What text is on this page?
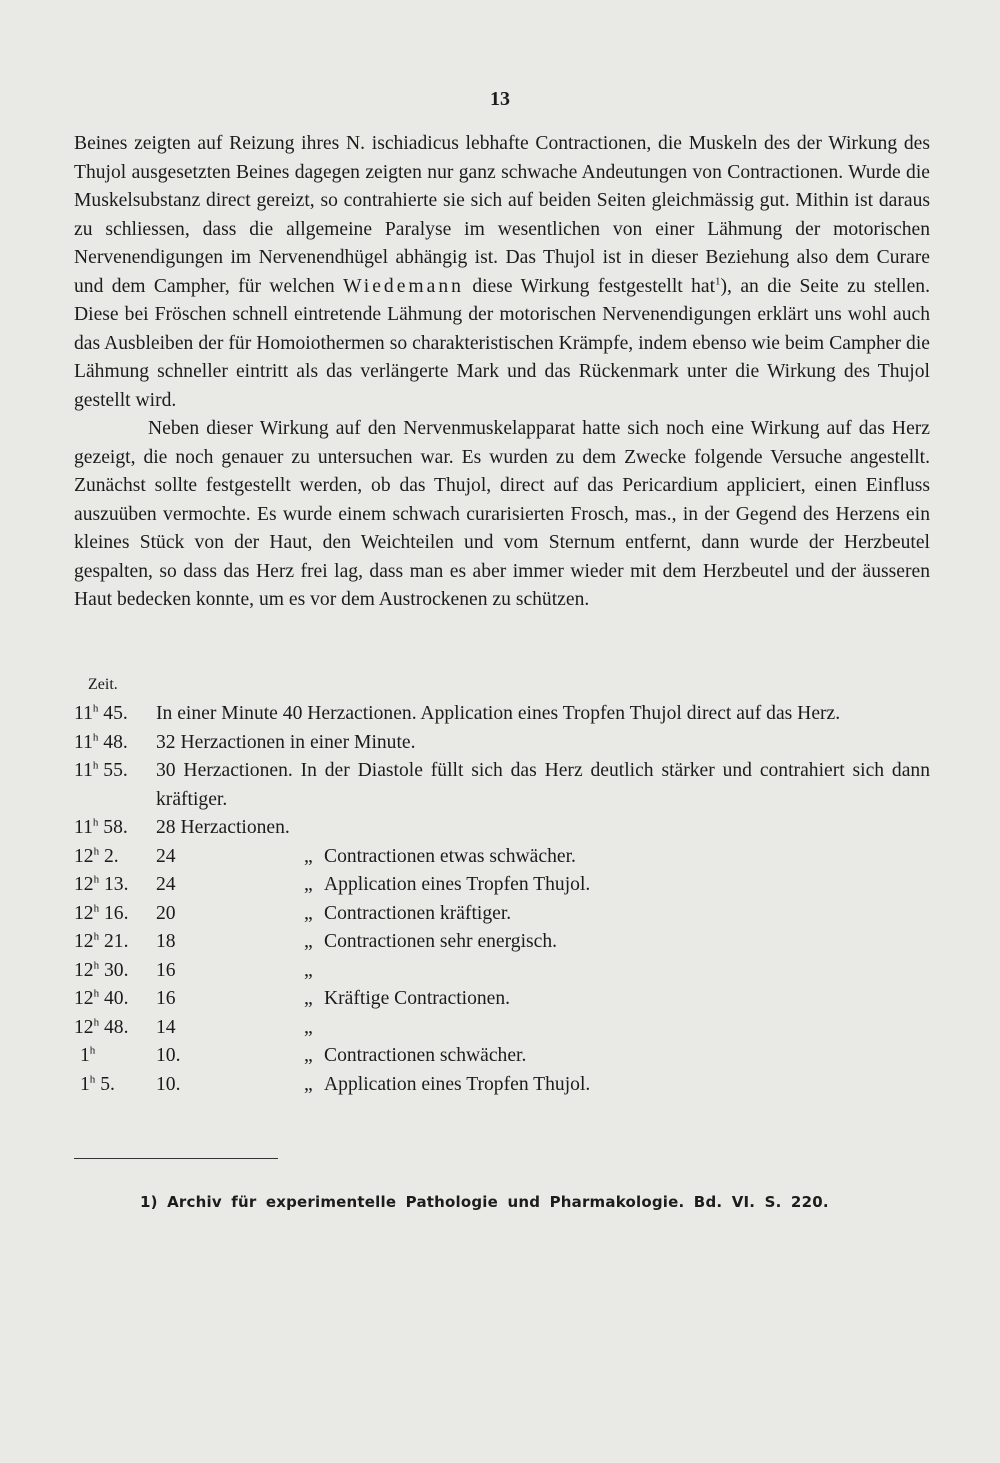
13

Beines zeigten auf Reizung ihres N. ischiadicus lebhafte Contractionen, die Muskeln des der Wirkung des Thujol ausgesetzten Beines dagegen zeigten nur ganz schwache Andeutungen von Contractionen. Wurde die Muskelsubstanz direct gereizt, so contrahierte sie sich auf beiden Seiten gleichmässig gut. Mithin ist daraus zu schliessen, dass die allgemeine Paralyse im wesentlichen von einer Lähmung der motorischen Nervenendigungen im Nervenendhügel abhängig ist. Das Thujol ist in dieser Beziehung also dem Curare und dem Campher, für welchen Wiedemann diese Wirkung festgestellt hat$^1$), an die Seite zu stellen. Diese bei Fröschen schnell eintretende Lähmung der motorischen Nervenendigungen erklärt uns wohl auch das Ausbleiben der für Homoiothermen so charakteristischen Krämpfe, indem ebenso wie beim Campher die Lähmung schneller eintritt als das verlängerte Mark und das Rückenmark unter die Wirkung des Thujol gestellt wird.

Neben dieser Wirkung auf den Nervenmuskelapparat hatte sich noch eine Wirkung auf das Herz gezeigt, die noch genauer zu untersuchen war. Es wurden zu dem Zwecke folgende Versuche angestellt. Zunächst sollte festgestellt werden, ob das Thujol, direct auf das Pericardium appliciert, einen Einfluss auszuüben vermochte. Es wurde einem schwach curarisierten Frosch, mas., in der Gegend des Herzens ein kleines Stück von der Haut, den Weichteilen und vom Sternum entfernt, dann wurde der Herzbeutel gespalten, so dass das Herz frei lag, dass man es aber immer wieder mit dem Herzbeutel und der äusseren Haut bedecken konnte, um es vor dem Austrockenen zu schützen.

Zeit.
11$^h$ 45.	In einer Minute 40 Herzactionen. Application eines Tropfen Thujol direct auf das Herz.
11$^h$ 48.	32 Herzactionen in einer Minute.
11$^h$ 55.	30 Herzactionen. In der Diastole füllt sich das Herz deutlich stärker und contrahiert sich dann kräftiger.
11$^h$ 58.	28 Herzactionen.
12$^h$ 2.	24	„ Contractionen etwas schwächer.
12$^h$ 13.	24	„ Application eines Tropfen Thujol.
12$^h$ 16.	20	„ Contractionen kräftiger.
12$^h$ 21.	18	„ Contractionen sehr energisch.
12$^h$ 30.	16	„
12$^h$ 40.	16	„ Kräftige Contractionen.
12$^h$ 48.	14	„
1$^h$	10.	„ Contractionen schwächer.
1$^h$ 5.	10.	„ Application eines Tropfen Thujol.
1) Archiv für experimentelle Pathologie und Pharmakologie. Bd. VI. S. 220.
